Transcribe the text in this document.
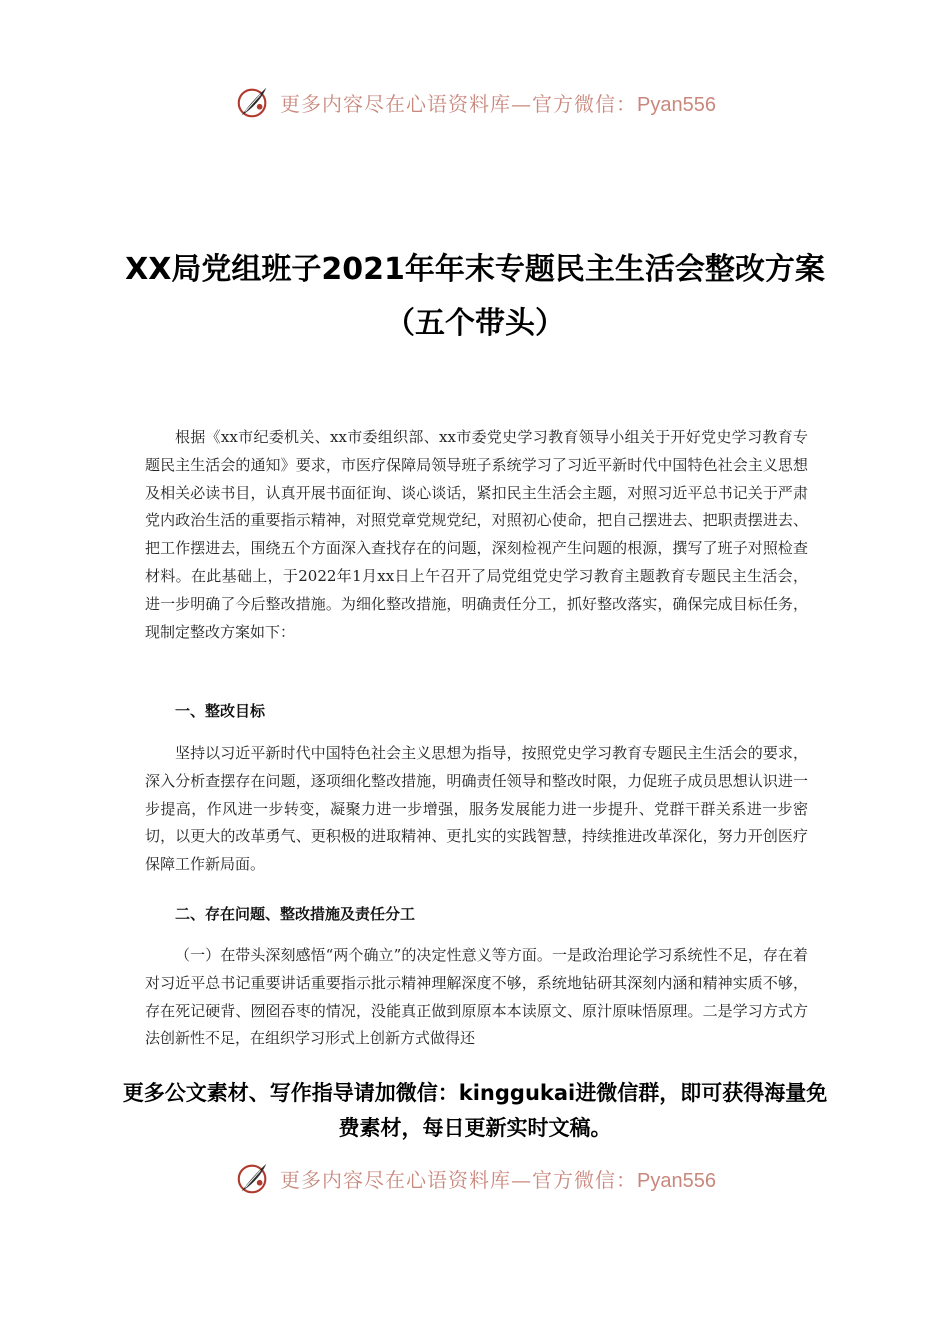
更多内容尽在心语资料库—官方微信：Pyan556
XX局党组班子2021年年末专题民主生活会整改方案（五个带头）

根据《xx市纪委机关、xx市委组织部、xx市委党史学习教育领导小组关于开好党史学习教育专题民主生活会的通知》要求，市医疗保障局领导班子系统学习了习近平新时代中国特色社会主义思想及相关必读书目，认真开展书面征询、谈心谈话，紧扣民主生活会主题，对照习近平总书记关于严肃党内政治生活的重要指示精神，对照党章党规党纪，对照初心使命，把自己摆进去、把职责摆进去、把工作摆进去，围绕五个方面深入查找存在的问题，深刻检视产生问题的根源，撰写了班子对照检查材料。在此基础上，于2022年1月xx日上午召开了局党组党史学习教育主题教育专题民主生活会，进一步明确了今后整改措施。为细化整改措施，明确责任分工，抓好整改落实，确保完成目标任务，现制定整改方案如下：

一、整改目标

坚持以习近平新时代中国特色社会主义思想为指导，按照党史学习教育专题民主生活会的要求，深入分析查摆存在问题，逐项细化整改措施，明确责任领导和整改时限，力促班子成员思想认识进一步提高，作风进一步转变，凝聚力进一步增强，服务发展能力进一步提升、党群干群关系进一步密切，以更大的改革勇气、更积极的进取精神、更扎实的实践智慧，持续推进改革深化，努力开创医疗保障工作新局面。

二、存在问题、整改措施及责任分工

（一）在带头深刻感悟“两个确立”的决定性意义等方面。一是政治理论学习系统性不足，存在着对习近平总书记重要讲话重要指示批示精神理解深度不够，系统地钻研其深刻内涵和精神实质不够，存在死记硬背、囫囵吞枣的情况，没能真正做到原原本本读原文、原汁原味悟原理。二是学习方式方法创新性不足，在组织学习形式上创新方式做得还

更多公文素材、写作指导请加微信：kinggukai进微信群，即可获得海量免费素材，每日更新实时文稿。

更多内容尽在心语资料库—官方微信：Pyan556
